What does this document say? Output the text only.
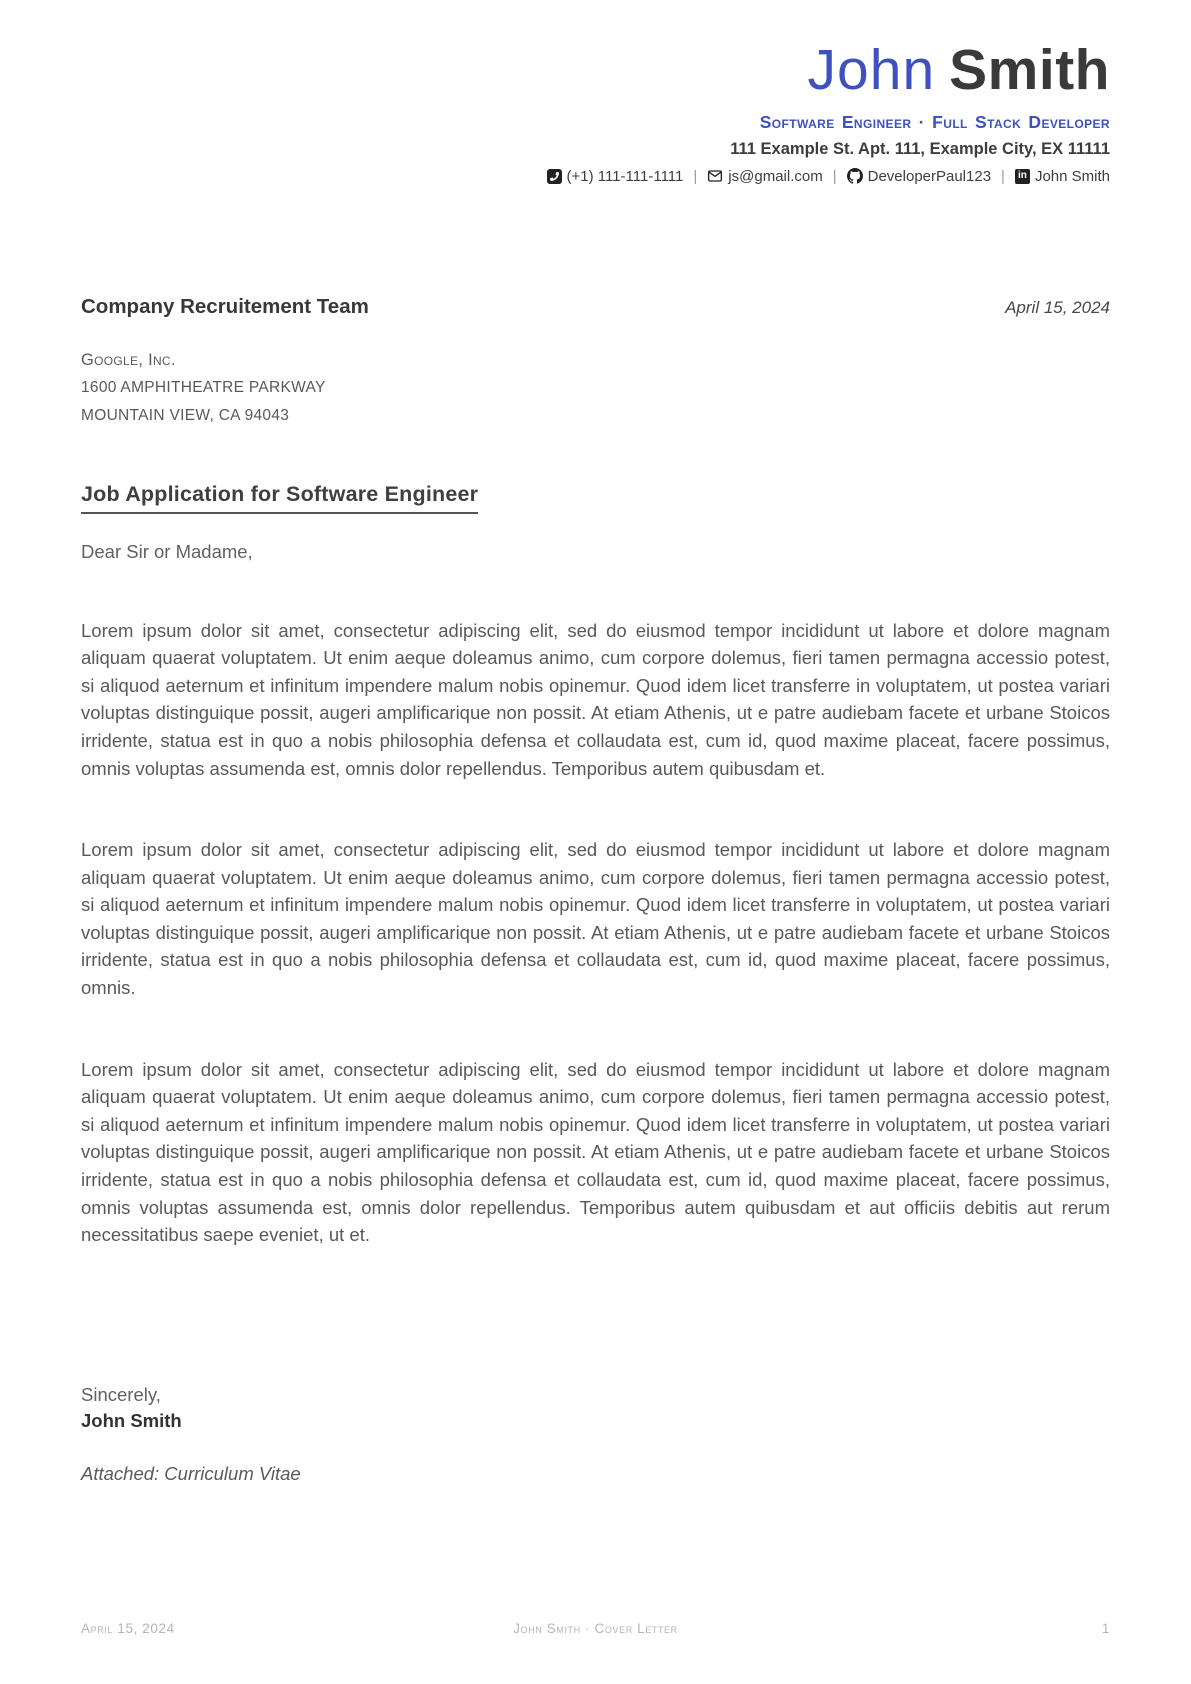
John Smith
Software Engineer · Full Stack Developer
111 Example St. Apt. 111, Example City, EX 11111
(+1) 111-111-1111 | js@gmail.com | DeveloperPaul123 |	in John Smith
Company Recruitement Team	April 15, 2024
Google, Inc.
1600 AMPHITHEATRE PARKWAY
MOUNTAIN VIEW, CA 94043
Job Application for Software Engineer
Dear Sir or Madame,

Lorem ipsum dolor sit amet, consectetur adipiscing elit, sed do eiusmod tempor incididunt ut labore et dolore magnam aliquam quaerat voluptatem. Ut enim aeque doleamus animo, cum corpore dolemus, fieri tamen permagna accessio potest, si aliquod aeternum et infinitum impendere malum nobis opinemur. Quod idem licet transferre in voluptatem, ut postea variari voluptas distinguique possit, augeri amplificarique non possit. At etiam Athenis, ut e patre audiebam facete et urbane Stoicos irridente, statua est in quo a nobis philosophia defensa et collaudata est, cum id, quod maxime placeat, facere possimus, omnis voluptas assumenda est, omnis dolor repellendus. Temporibus autem quibusdam et.

Lorem ipsum dolor sit amet, consectetur adipiscing elit, sed do eiusmod tempor incididunt ut labore et dolore magnam aliquam quaerat voluptatem. Ut enim aeque doleamus animo, cum corpore dolemus, fieri tamen permagna accessio potest, si aliquod aeternum et infinitum impendere malum nobis opinemur. Quod idem licet transferre in voluptatem, ut postea variari voluptas distinguique possit, augeri amplificarique non possit. At etiam Athenis, ut e patre audiebam facete et urbane Stoicos irridente, statua est in quo a nobis philosophia defensa et collaudata est, cum id, quod maxime placeat, facere possimus, omnis.

Lorem ipsum dolor sit amet, consectetur adipiscing elit, sed do eiusmod tempor incididunt ut labore et dolore magnam aliquam quaerat voluptatem. Ut enim aeque doleamus animo, cum corpore dolemus, fieri tamen permagna accessio potest, si aliquod aeternum et infinitum impendere malum nobis opinemur. Quod idem licet transferre in voluptatem, ut postea variari voluptas distinguique possit, augeri amplificarique non possit. At etiam Athenis, ut e patre audiebam facete et urbane Stoicos irridente, statua est in quo a nobis philosophia defensa et collaudata est, cum id, quod maxime placeat, facere possimus, omnis voluptas assumenda est, omnis dolor repellendus. Temporibus autem quibusdam et aut officiis debitis aut rerum necessitatibus saepe eveniet, ut et.

Sincerely,
John Smith
Attached: Curriculum Vitae
April 15, 2024	John Smith · Cover Letter	1
